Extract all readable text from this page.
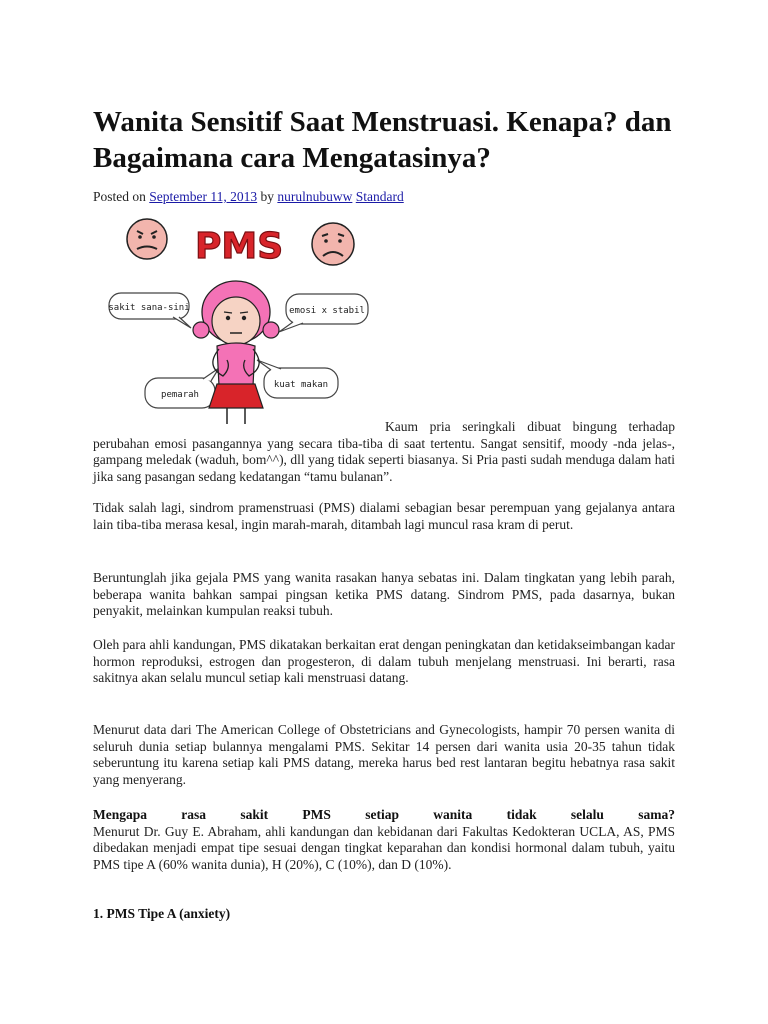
Wanita Sensitif Saat Menstruasi. Kenapa? dan Bagaimana cara Mengatasinya?
Posted on September 11, 2013 by nurulnubuww Standard
PMS
sakit sana-sini	emosi x stabil
pemarah
kuat makan

Kaum pria seringkali dibuat bingung terhadap perubahan emosi pasangannya yang secara tiba-tiba di saat tertentu. Sangat sensitif, moody -nda jelas-, gampang meledak (waduh, bom^^), dll yang tidak seperti biasanya. Si Pria pasti sudah menduga dalam hati jika sang pasangan sedang kedatangan “tamu bulanan”.

Tidak salah lagi, sindrom pramenstruasi (PMS) dialami sebagian besar perempuan yang gejalanya antara lain tiba-tiba merasa kesal, ingin marah-marah, ditambah lagi muncul rasa kram di perut.

Beruntunglah jika gejala PMS yang wanita rasakan hanya sebatas ini. Dalam tingkatan yang lebih parah, beberapa wanita bahkan sampai pingsan ketika PMS datang. Sindrom PMS, pada dasarnya, bukan penyakit, melainkan kumpulan reaksi tubuh.

Oleh para ahli kandungan, PMS dikatakan berkaitan erat dengan peningkatan dan ketidakseimbangan kadar hormon reproduksi, estrogen dan progesteron, di dalam tubuh menjelang menstruasi. Ini berarti, rasa sakitnya akan selalu muncul setiap kali menstruasi datang.

Menurut data dari The American College of Obstetricians and Gynecologists, hampir 70 persen wanita di seluruh dunia setiap bulannya mengalami PMS. Sekitar 14 persen dari wanita usia 20-35 tahun tidak seberuntung itu karena setiap kali PMS datang, mereka harus bed rest lantaran begitu hebatnya rasa sakit yang menyerang.

Mengapa rasa sakit PMS setiap wanita tidak selalu sama?
Menurut Dr. Guy E. Abraham, ahli kandungan dan kebidanan dari Fakultas Kedokteran UCLA, AS, PMS dibedakan menjadi empat tipe sesuai dengan tingkat keparahan dan kondisi hormonal dalam tubuh, yaitu PMS tipe A (60% wanita dunia), H (20%), C (10%), dan D (10%).

1. PMS Tipe A (anxiety)
